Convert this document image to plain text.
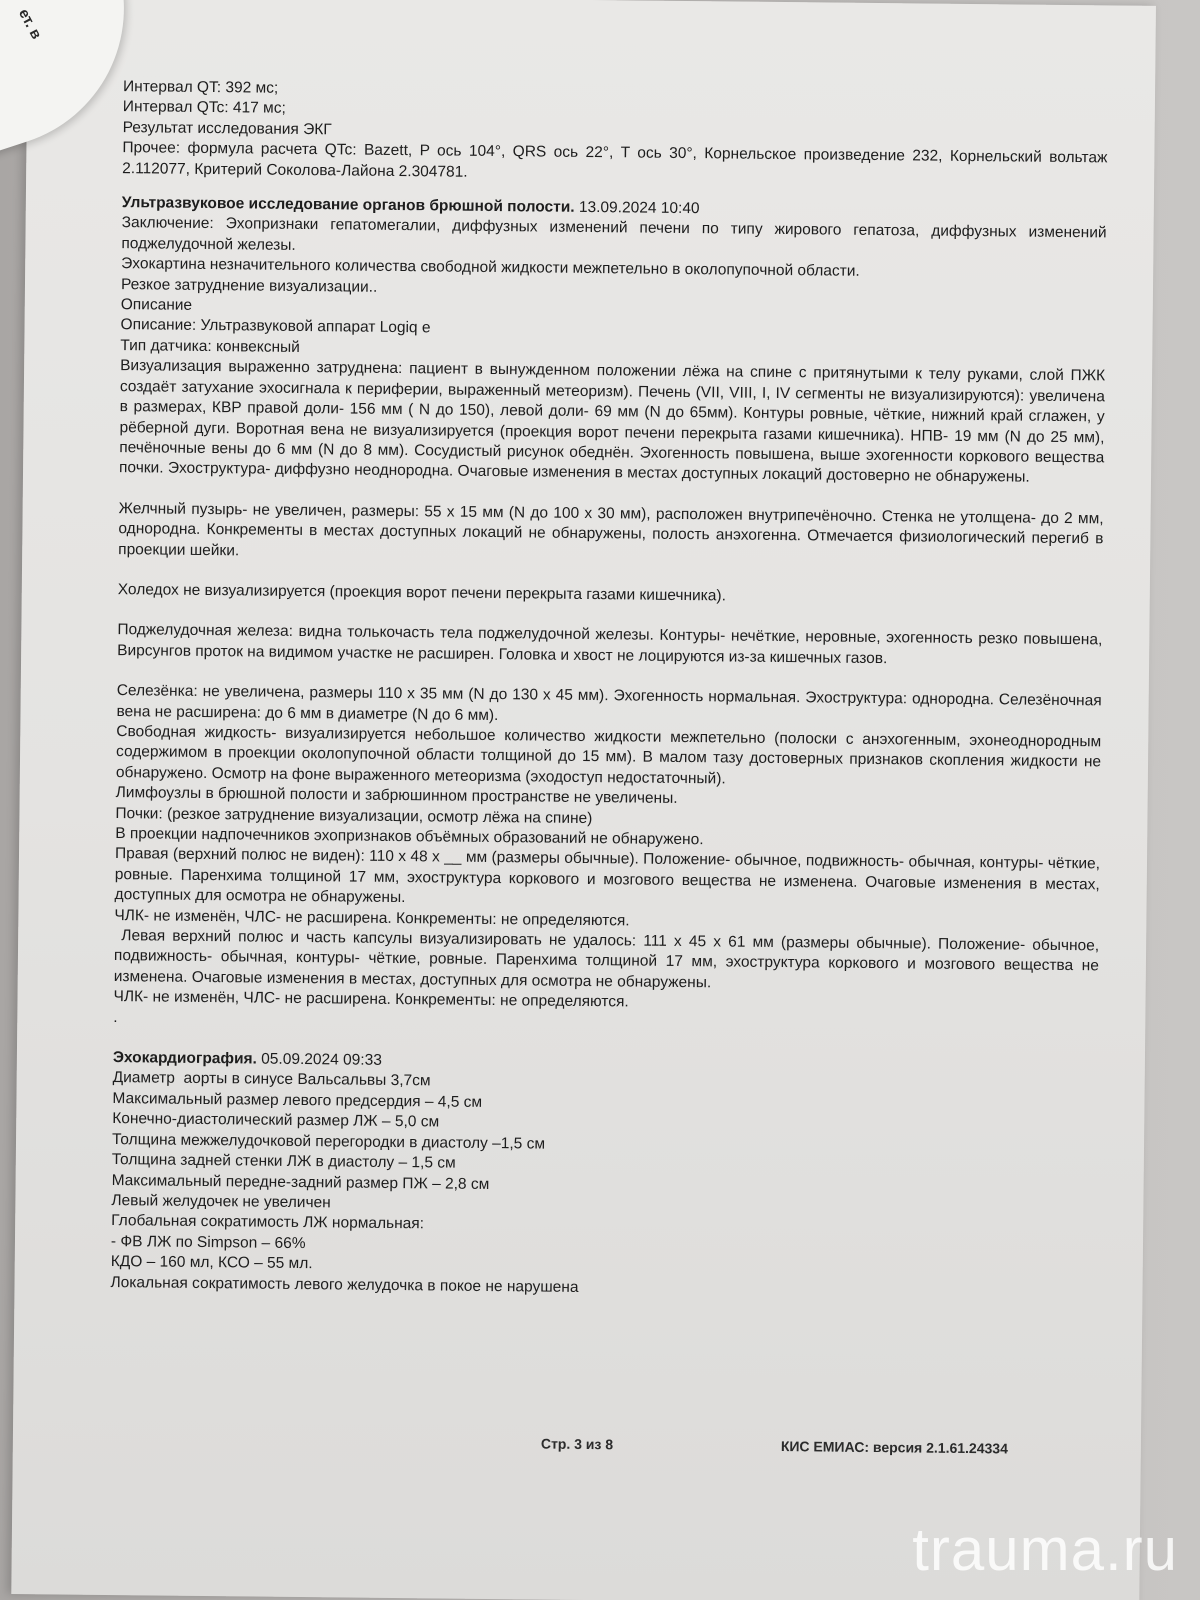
Интервал QT: 392 мс;
Интервал QTc: 417 мс;
Результат исследования ЭКГ
Прочее: формула расчета QTc: Bazett, P ось 104°, QRS ось 22°, T ось 30°, Корнельское произведение 232, Корнельский вольтаж 2.112077, Критерий Соколова-Лайона 2.304781.
Ультразвуковое исследование органов брюшной полости. 13.09.2024 10:40
Заключение: Эхопризнаки гепатомегалии, диффузных изменений печени по типу жирового гепатоза, диффузных изменений поджелудочной железы.
Эхокартина незначительного количества свободной жидкости межпетельно в околопупочной области.
Резкое затруднение визуализации..
Описание
Описание: Ультразвуковой аппарат Logiq e
Тип датчика: конвексный
Визуализация выраженно затруднена: пациент в вынужденном положении лёжа на спине с притянутыми к телу руками, слой ПЖК создаёт затухание эхосигнала к периферии, выраженный метеоризм). Печень (VII, VIII, I, IV сегменты не визуализируются): увеличена в размерах, КВР правой доли- 156 мм ( N до 150), левой доли- 69 мм (N до 65мм). Контуры ровные, чёткие, нижний край сглажен, у рёберной дуги. Воротная вена не визуализируется (проекция ворот печени перекрыта газами кишечника). НПВ- 19 мм (N до 25 мм), печёночные вены до 6 мм (N до 8 мм). Сосудистый рисунок обеднён. Эхогенность повышена, выше эхогенности коркового вещества почки. Эхоструктура- диффузно неоднородна. Очаговые изменения в местах доступных локаций достоверно не обнаружены.
Желчный пузырь- не увеличен, размеры: 55 х 15 мм (N до 100 х 30 мм), расположен внутрипечёночно. Стенка не утолщена- до 2 мм, однородна. Конкременты в местах доступных локаций не обнаружены, полость анэхогенна. Отмечается физиологический перегиб в проекции шейки.
Холедох не визуализируется (проекция ворот печени перекрыта газами кишечника).
Поджелудочная железа: видна толькочасть тела поджелудочной железы. Контуры- нечёткие, неровные, эхогенность резко повышена, Вирсунгов проток на видимом участке не расширен. Головка и хвост не лоцируются из-за кишечных газов.
Селезёнка: не увеличена, размеры 110 х 35 мм (N до 130 х 45 мм). Эхогенность нормальная. Эхоструктура: однородна. Селезёночная вена не расширена: до 6 мм в диаметре (N до 6 мм).
Свободная жидкость- визуализируется небольшое количество жидкости межпетельно (полоски с анэхогенным, эхонеоднородным содержимом в проекции околопупочной области толщиной до 15 мм). В малом тазу достоверных признаков скопления жидкости не обнаружено. Осмотр на фоне выраженного метеоризма (эходоступ недостаточный).
Лимфоузлы в брюшной полости и забрюшинном пространстве не увеличены.
Почки: (резкое затруднение визуализации, осмотр лёжа на спине)
В проекции надпочечников эхопризнаков объёмных образований не обнаружено.
Правая (верхний полюс не виден): 110 х 48 х __ мм (размеры обычные). Положение- обычное, подвижность- обычная, контуры- чёткие, ровные. Паренхима толщиной 17 мм, эхоструктура коркового и мозгового вещества не изменена. Очаговые изменения в местах, доступных для осмотра не обнаружены.
ЧЛК- не изменён, ЧЛС- не расширена. Конкременты: не определяются.
Левая верхний полюс и часть капсулы визуализировать не удалось: 111 х 45 х 61 мм (размеры обычные). Положение- обычное, подвижность- обычная, контуры- чёткие, ровные. Паренхима толщиной 17 мм, эхоструктура коркового и мозгового вещества не изменена. Очаговые изменения в местах, доступных для осмотра не обнаружены.
ЧЛК- не изменён, ЧЛС- не расширена. Конкременты: не определяются.
.
Эхокардиография. 05.09.2024 09:33
Диаметр  аорты в синусе Вальсальвы 3,7см
Максимальный размер левого предсердия – 4,5 см
Конечно-диастолический размер ЛЖ – 5,0 см
Толщина межжелудочковой перегородки в диастолу –1,5 см
Толщина задней стенки ЛЖ в диастолу – 1,5 см
Максимальный передне-задний размер ПЖ – 2,8 см
Левый желудочек не увеличен
Глобальная сократимость ЛЖ нормальная:
- ФВ ЛЖ по Simpson – 66%
КДО – 160 мл, КСО – 55 мл.
Локальная сократимость левого желудочка в покое не нарушена
Стр. 3 из 8	КИС ЕМИАС: версия 2.1.61.24334
ет. в
trauma.ru
